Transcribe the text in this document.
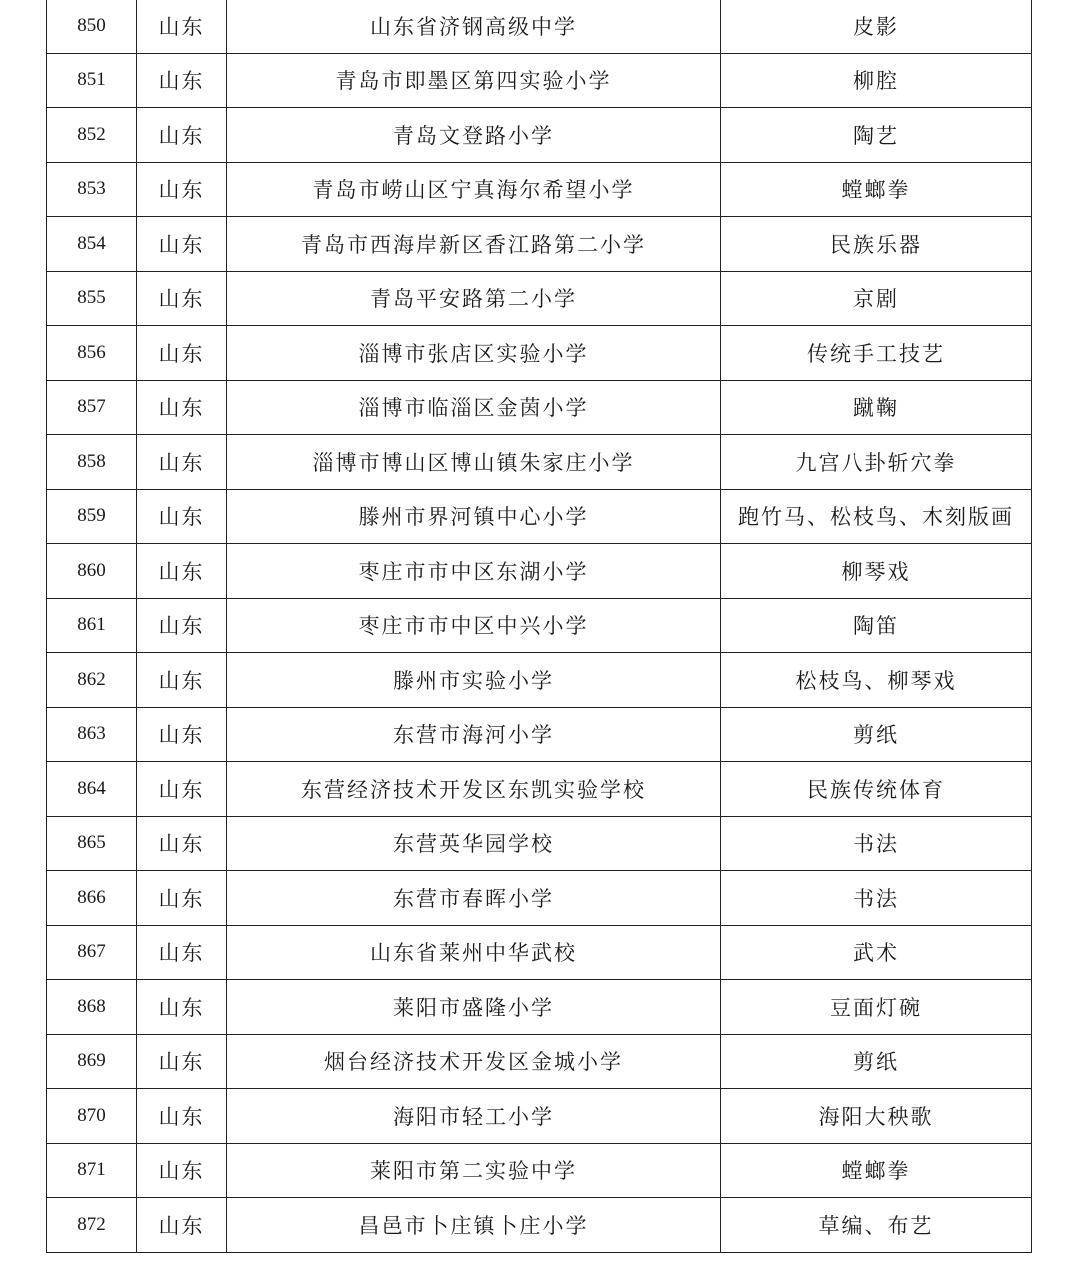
850	山东	山东省济钢高级中学	皮影
851	山东	青岛市即墨区第四实验小学	柳腔
852	山东	青岛文登路小学	陶艺
853	山东	青岛市崂山区宁真海尔希望小学	螳螂拳
854	山东	青岛市西海岸新区香江路第二小学	民族乐器
855	山东	青岛平安路第二小学	京剧
856	山东	淄博市张店区实验小学	传统手工技艺
857	山东	淄博市临淄区金茵小学	蹴鞠
858	山东	淄博市博山区博山镇朱家庄小学	九宫八卦斩穴拳
859	山东	滕州市界河镇中心小学	跑竹马、松枝鸟、木刻版画
860	山东	枣庄市市中区东湖小学	柳琴戏
861	山东	枣庄市市中区中兴小学	陶笛
862	山东	滕州市实验小学	松枝鸟、柳琴戏
863	山东	东营市海河小学	剪纸
864	山东	东营经济技术开发区东凯实验学校	民族传统体育
865	山东	东营英华园学校	书法
866	山东	东营市春晖小学	书法
867	山东	山东省莱州中华武校	武术
868	山东	莱阳市盛隆小学	豆面灯碗
869	山东	烟台经济技术开发区金城小学	剪纸
870	山东	海阳市轻工小学	海阳大秧歌
871	山东	莱阳市第二实验中学	螳螂拳
872	山东	昌邑市卜庄镇卜庄小学	草编、布艺
